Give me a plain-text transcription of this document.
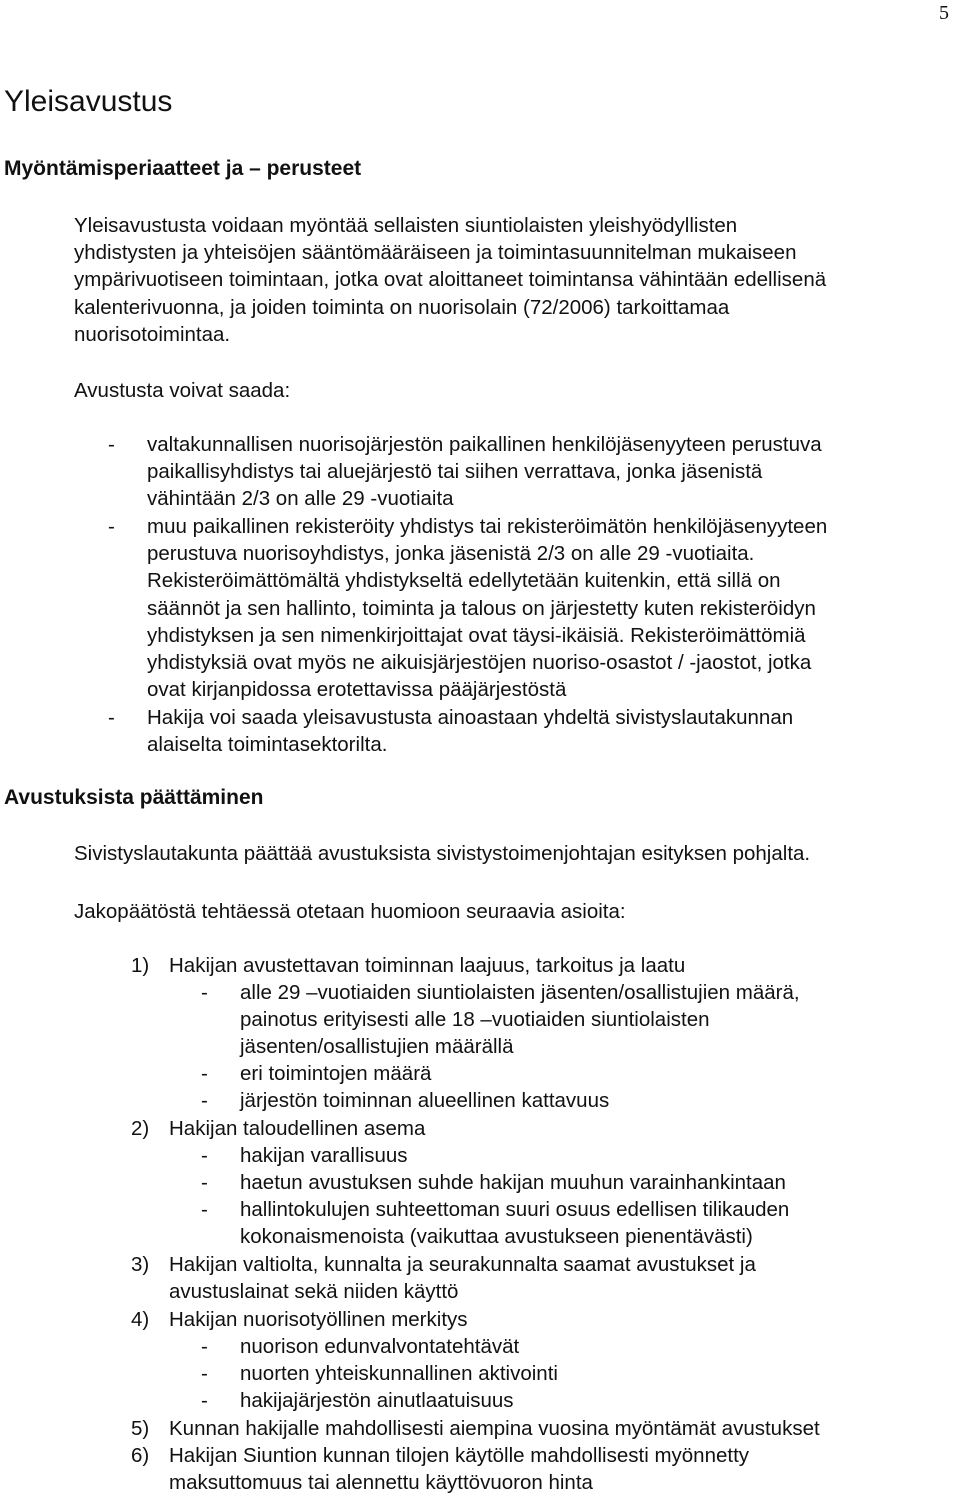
5
Yleisavustus
Myöntämisperiaatteet ja – perusteet
Yleisavustusta voidaan myöntää sellaisten siuntiolaisten yleishyödyllisten
yhdistysten ja yhteisöjen sääntömääräiseen ja toimintasuunnitelman mukaiseen
ympärivuotiseen toimintaan, jotka ovat aloittaneet toimintansa vähintään edellisenä
kalenterivuonna, ja joiden toiminta on nuorisolain (72/2006) tarkoittamaa
nuorisotoimintaa.
Avustusta voivat saada:
- valtakunnallisen nuorisojärjestön paikallinen henkilöjäsenyyteen perustuva
paikallisyhdistys tai aluejärjestö tai siihen verrattava, jonka jäsenistä
vähintään 2/3 on alle 29 -vuotiaita
- muu paikallinen rekisteröity yhdistys tai rekisteröimätön henkilöjäsenyyteen
perustuva nuorisoyhdistys, jonka jäsenistä 2/3 on alle 29 -vuotiaita.
Rekisteröimättömältä yhdistykseltä edellytetään kuitenkin, että sillä on
säännöt ja sen hallinto, toiminta ja talous on järjestetty kuten rekisteröidyn
yhdistyksen ja sen nimenkirjoittajat ovat täysi-ikäisiä. Rekisteröimättömiä
yhdistyksiä ovat myös ne aikuisjärjestöjen nuoriso-osastot / -jaostot, jotka
ovat kirjanpidossa erotettavissa pääjärjestöstä
- Hakija voi saada yleisavustusta ainoastaan yhdeltä sivistyslautakunnan
alaiselta toimintasektorilta.
Avustuksista päättäminen
Sivistyslautakunta päättää avustuksista sivistystoimenjohtajan esityksen pohjalta.
Jakopäätöstä tehtäessä otetaan huomioon seuraavia asioita:
1) Hakijan avustettavan toiminnan laajuus, tarkoitus ja laatu
- alle 29 –vuotiaiden siuntiolaisten jäsenten/osallistujien määrä,
painotus erityisesti alle 18 –vuotiaiden siuntiolaisten
jäsenten/osallistujien määrällä
- eri toimintojen määrä
- järjestön toiminnan alueellinen kattavuus
2) Hakijan taloudellinen asema
- hakijan varallisuus
- haetun avustuksen suhde hakijan muuhun varainhankintaan
- hallintokulujen suhteettoman suuri osuus edellisen tilikauden
kokonaismenoista (vaikuttaa avustukseen pienentävästi)
3) Hakijan valtiolta, kunnalta ja seurakunnalta saamat avustukset ja
avustuslainat sekä niiden käyttö
4) Hakijan nuorisotyöllinen merkitys
- nuorison edunvalvontatehtävät
- nuorten yhteiskunnallinen aktivointi
- hakijajärjestön ainutlaatuisuus
5) Kunnan hakijalle mahdollisesti aiempina vuosina myöntämät avustukset
6) Hakijan Siuntion kunnan tilojen käytölle mahdollisesti myönnetty
maksuttomuus tai alennettu käyttövuoron hinta
